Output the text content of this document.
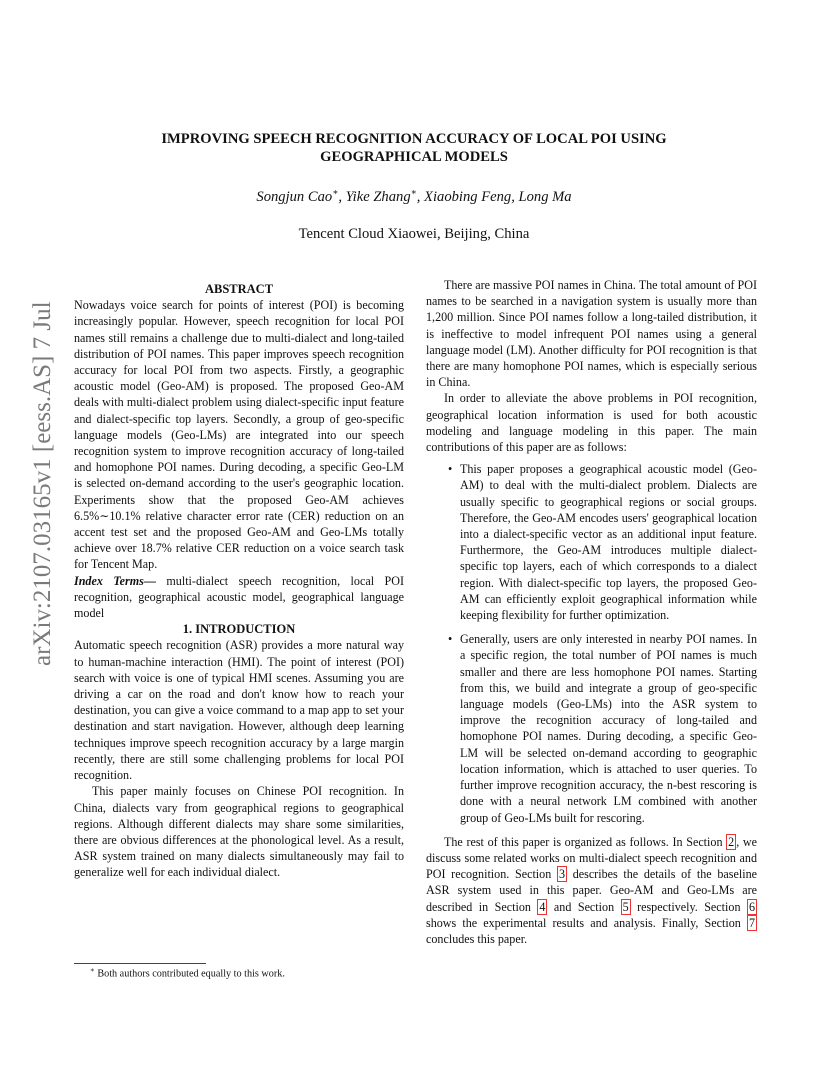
IMPROVING SPEECH RECOGNITION ACCURACY OF LOCAL POI USING
GEOGRAPHICAL MODELS
Songjun Cao∗, Yike Zhang∗, Xiaobing Feng, Long Ma
Tencent Cloud Xiaowei, Beijing, China
arXiv:2107.03165v1 [eess.AS] 7 Jul 2021	ABSTRACT

Nowadays voice search for points of interest (POI) is becoming increasingly popular. However, speech recognition for local POI names still remains a challenge due to multi-dialect and long-tailed distribution of POI names. This paper improves speech recognition accuracy for local POI from two aspects. Firstly, a geographic acoustic model (Geo-AM) is proposed. The proposed Geo-AM deals with multi-dialect problem using dialect-specific input feature and dialect-specific top layers. Secondly, a group of geo-specific language models (Geo-LMs) are integrated into our speech recognition system to improve recognition accuracy of long-tailed and homophone POI names. During decoding, a specific Geo-LM is selected on-demand according to the user's geographic location. Experiments show that the proposed Geo-AM achieves 6.5%∼10.1% relative character error rate (CER) reduction on an accent test set and the proposed Geo-AM and Geo-LMs totally achieve over 18.7% relative CER reduction on a voice search task for Tencent Map.

Index Terms— multi-dialect speech recognition, local POI recognition, geographical acoustic model, geographical language model

1. INTRODUCTION

Automatic speech recognition (ASR) provides a more natural way to human-machine interaction (HMI). The point of interest (POI) search with voice is one of typical HMI scenes. Assuming you are driving a car on the road and don't know how to reach your destination, you can give a voice command to a map app to set your destination and start navigation. However, although deep learning techniques improve speech recognition accuracy by a large margin recently, there are still some challenging problems for local POI recognition.

This paper mainly focuses on Chinese POI recognition. In China, dialects vary from geographical regions to geographical regions. Although different dialects may share some similarities, there are obvious differences at the phonological level. As a result, ASR system trained on many dialects simultaneously may fail to generalize well for each individual dialect.

There are massive POI names in China. The total amount of POI names to be searched in a navigation system is usually more than 1,200 million. Since POI names follow a long-tailed distribution, it is ineffective to model infrequent POI names using a general language model (LM). Another difficulty for POI recognition is that there are many homophone POI names, which is especially serious in China.

In order to alleviate the above problems in POI recognition, geographical location information is used for both acoustic modeling and language modeling in this paper. The main contributions of this paper are as follows:

• This paper proposes a geographical acoustic model (Geo-AM) to deal with the multi-dialect problem. Dialects are usually specific to geographical regions or social groups. Therefore, the Geo-AM encodes users' geographical location into a dialect-specific vector as an additional input feature. Furthermore, the Geo-AM introduces multiple dialect-specific top layers, each of which corresponds to a dialect region. With dialect-specific top layers, the proposed Geo-AM can efficiently exploit geographical information while keeping flexibility for further optimization.
• Generally, users are only interested in nearby POI names. In a specific region, the total number of POI names is much smaller and there are less homophone POI names. Starting from this, we build and integrate a group of geo-specific language models (Geo-LMs) into the ASR system to improve the recognition accuracy of long-tailed and homophone POI names. During decoding, a specific Geo-LM will be selected on-demand according to geographic location information, which is attached to user queries. To further improve recognition accuracy, the n-best rescoring is done with a neural network LM combined with another group of Geo-LMs built for rescoring.

The rest of this paper is organized as follows. In Section 2 , we discuss some related works on multi-dialect speech recognition and POI recognition. Section 3 describes the details of the baseline ASR system used in this paper. Geo-AM and Geo-LMs are described in Section 4 and Section 5 respectively. Section 6 shows the experimental results and analysis. Finally, Section 7 concludes this paper.

∗ Both authors contributed equally to this work.
